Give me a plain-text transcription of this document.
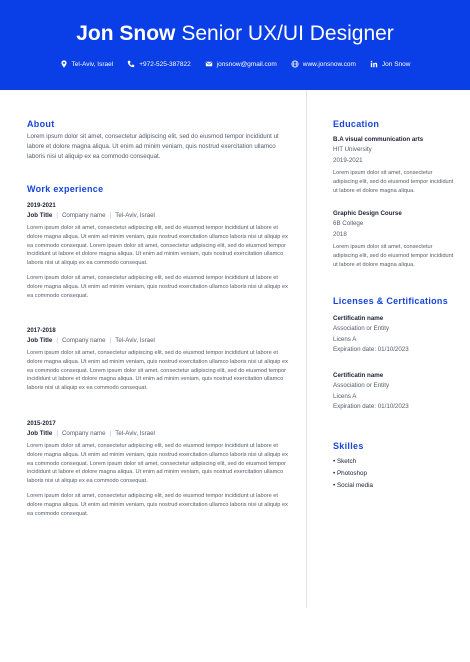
Jon Snow Senior UX/UI Designer
Tel-Aviv, Israel	+972-525-387822	jonsnow@gmail.com	www.jonsnow.com	Jon Snow
About

Lorem ipsum dolor sit amet, consectetur adipiscing elit, sed do eiusmod tempor incididunt ut labore et dolore magna aliqua. Ut enim ad minim veniam, quis nostrud exercitation ullamco laboris nisi ut aliquip ex ea commodo consequat.

Work experience

2019-2021

Job Title | Company name | Tel-Aviv, Israel

Lorem ipsum dolor sit amet, consectetur adipiscing elit, sed do eiusmod tempor incididunt ut labore et dolore magna aliqua. Ut enim ad minim veniam, quis nostrud exercitation ullamco laboris nisi ut aliquip ex ea commodo consequat. Lorem ipsum dolor sit amet, consectetur adipiscing elit, sed do eiusmod tempor incididunt ut labore et dolore magna aliqua. Ut enim ad minim veniam, quis nostrud exercitation ullamco laboris nisi ut aliquip ex ea commodo consequat.

Lorem ipsum dolor sit amet, consectetur adipiscing elit, sed do eiusmod tempor incididunt ut labore et dolore magna aliqua. Ut enim ad minim veniam, quis nostrud exercitation ullamco laboris nisi ut aliquip ex ea commodo consequat.

2017-2018

Job Title | Company name | Tel-Aviv, Israel

Lorem ipsum dolor sit amet, consectetur adipiscing elit, sed do eiusmod tempor incididunt ut labore et dolore magna aliqua. Ut enim ad minim veniam, quis nostrud exercitation ullamco laboris nisi ut aliquip ex ea commodo consequat. Lorem ipsum dolor sit amet, consectetur adipiscing elit, sed do eiusmod tempor incididunt ut labore et dolore magna aliqua. Ut enim ad minim veniam, quis nostrud exercitation ullamco laboris nisi ut aliquip ex ea commodo consequat.

2015-2017

Job Title | Company name | Tel-Aviv, Israel

Lorem ipsum dolor sit amet, consectetur adipiscing elit, sed do eiusmod tempor incididunt ut labore et dolore magna aliqua. Ut enim ad minim veniam, quis nostrud exercitation ullamco laboris nisi ut aliquip ex ea commodo consequat. Lorem ipsum dolor sit amet, consectetur adipiscing elit, sed do eiusmod tempor incididunt ut labore et dolore magna aliqua. Ut enim ad minim veniam, quis nostrud exercitation ullamco laboris nisi ut aliquip ex ea commodo consequat.

Lorem ipsum dolor sit amet, consectetur adipiscing elit, sed do eiusmod tempor incididunt ut labore et dolore magna aliqua. Ut enim ad minim veniam, quis nostrud exercitation ullamco laboris nisi ut aliquip ex ea commodo consequat.

Education

B.A visual communication arts

HIT University

2019-2021

Lorem ipsum dolor sit amet, consectetur adipiscing elit, sed do eiusmod tempor incididunt ut labore et dolore magna aliqua.

Graphic Design Course

6B College

2018

Lorem ipsum dolor sit amet, consectetur adipiscing elit, sed do eiusmod tempor incididunt ut labore et dolore magna aliqua.

Licenses & Certifications

Certificatin name

Association or Entity

Licens A

Expiration date: 01/10/2023

Certificatin name

Association or Entity

Licens A

Expiration date: 01/10/2023

Skilles

• Sketch

• Photoshop

• Social media
